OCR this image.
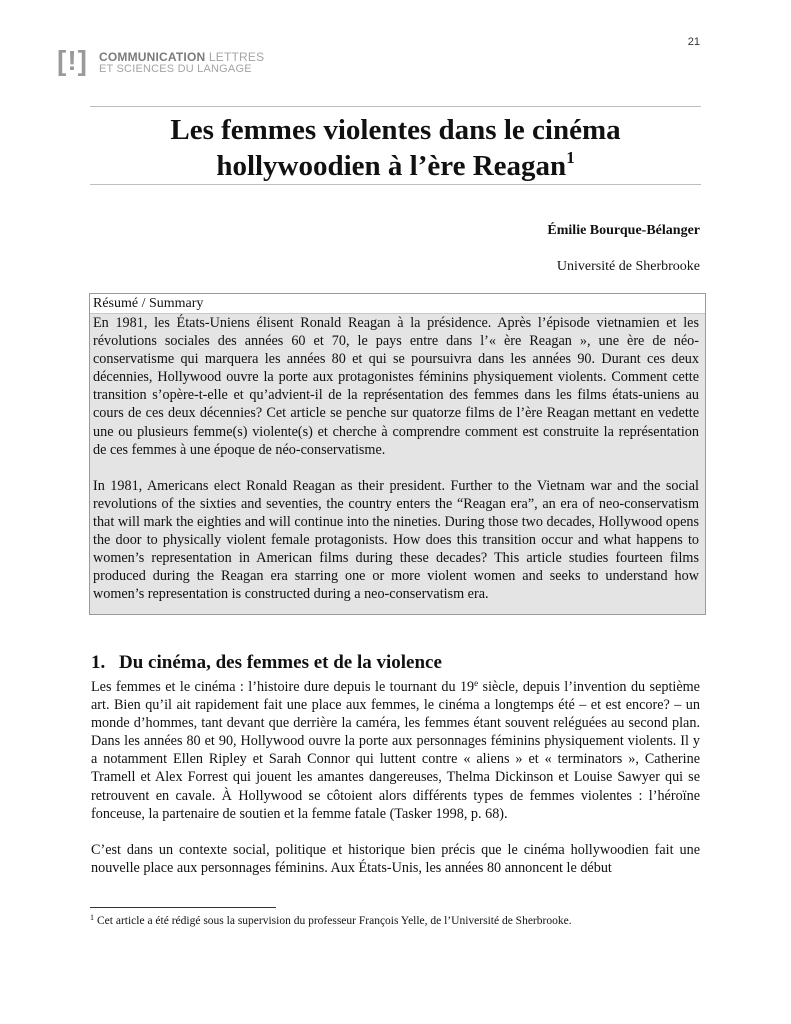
21
[!] COMMUNICATION LETTRES
ET SCIENCES DU LANGAGE
Les femmes violentes dans le cinéma
hollywoodien à l’ère Reagan$^1$
Émilie Bourque-Bélanger
Université de Sherbrooke
Résumé / Summary

En 1981, les États-Uniens élisent Ronald Reagan à la présidence. Après l’épisode vietnamien et les révolutions sociales des années 60 et 70, le pays entre dans l’« ère Reagan », une ère de néo-conservatisme qui marquera les années 80 et qui se poursuivra dans les années 90. Durant ces deux décennies, Hollywood ouvre la porte aux protagonistes féminins physiquement violents. Comment cette transition s’opère-t-elle et qu’advient-il de la représentation des femmes dans les films états-uniens au cours de ces deux décennies? Cet article se penche sur quatorze films de l’ère Reagan mettant en vedette une ou plusieurs femme(s) violente(s) et cherche à comprendre comment est construite la représentation de ces femmes à une époque de néo-conservatisme.

In 1981, Americans elect Ronald Reagan as their president. Further to the Vietnam war and the social revolutions of the sixties and seventies, the country enters the “Reagan era”, an era of neo-conservatism that will mark the eighties and will continue into the nineties. During those two decades, Hollywood opens the door to physically violent female protagonists. How does this transition occur and what happens to women’s representation in American films during these decades? This article studies fourteen films produced during the Reagan era starring one or more violent women and seeks to understand how women’s representation is constructed during a neo-conservatism era.

1. Du cinéma, des femmes et de la violence

Les femmes et le cinéma : l’histoire dure depuis le tournant du 19e siècle, depuis l’invention du septième art. Bien qu’il ait rapidement fait une place aux femmes, le cinéma a longtemps été – et est encore? – un monde d’hommes, tant devant que derrière la caméra, les femmes étant souvent reléguées au second plan. Dans les années 80 et 90, Hollywood ouvre la porte aux personnages féminins physiquement violents. Il y a notamment Ellen Ripley et Sarah Connor qui luttent contre « aliens » et « terminators », Catherine Tramell et Alex Forrest qui jouent les amantes dangereuses, Thelma Dickinson et Louise Sawyer qui se retrouvent en cavale. À Hollywood se côtoient alors différents types de femmes violentes : l’héroïne fonceuse, la partenaire de soutien et la femme fatale (Tasker 1998, p. 68).

C’est dans un contexte social, politique et historique bien précis que le cinéma hollywoodien fait une nouvelle place aux personnages féminins. Aux États-Unis, les années 80 annoncent le début

$^1$ Cet article a été rédigé sous la supervision du professeur François Yelle, de l’Université de Sherbrooke.
